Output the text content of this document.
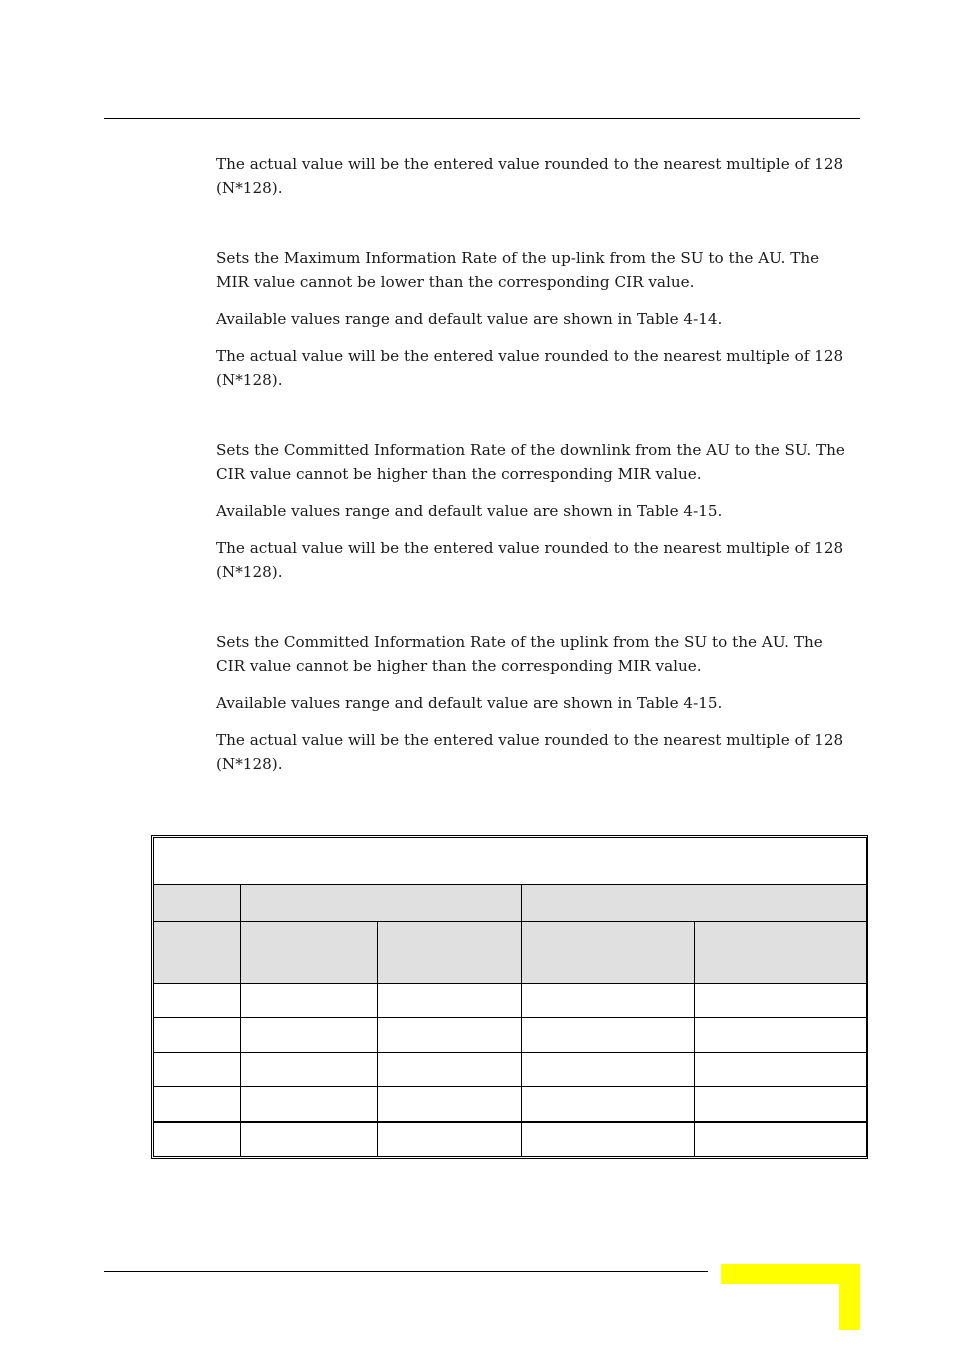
The actual value will be the entered value rounded to the nearest multiple of 128 (N*128).

Sets the Maximum Information Rate of the up-link from the SU to the AU. The MIR value cannot be lower than the corresponding CIR value.

Available values range and default value are shown in Table 4-14.

The actual value will be the entered value rounded to the nearest multiple of 128 (N*128).

Sets the Committed Information Rate of the downlink from the AU to the SU. The CIR value cannot be higher than the corresponding MIR value.

Available values range and default value are shown in Table 4-15.

The actual value will be the entered value rounded to the nearest multiple of 128 (N*128).

Sets the Committed Information Rate of the uplink from the SU to the AU. The CIR value cannot be higher than the corresponding MIR value.

Available values range and default value are shown in Table 4-15.

The actual value will be the entered value rounded to the nearest multiple of 128 (N*128).
